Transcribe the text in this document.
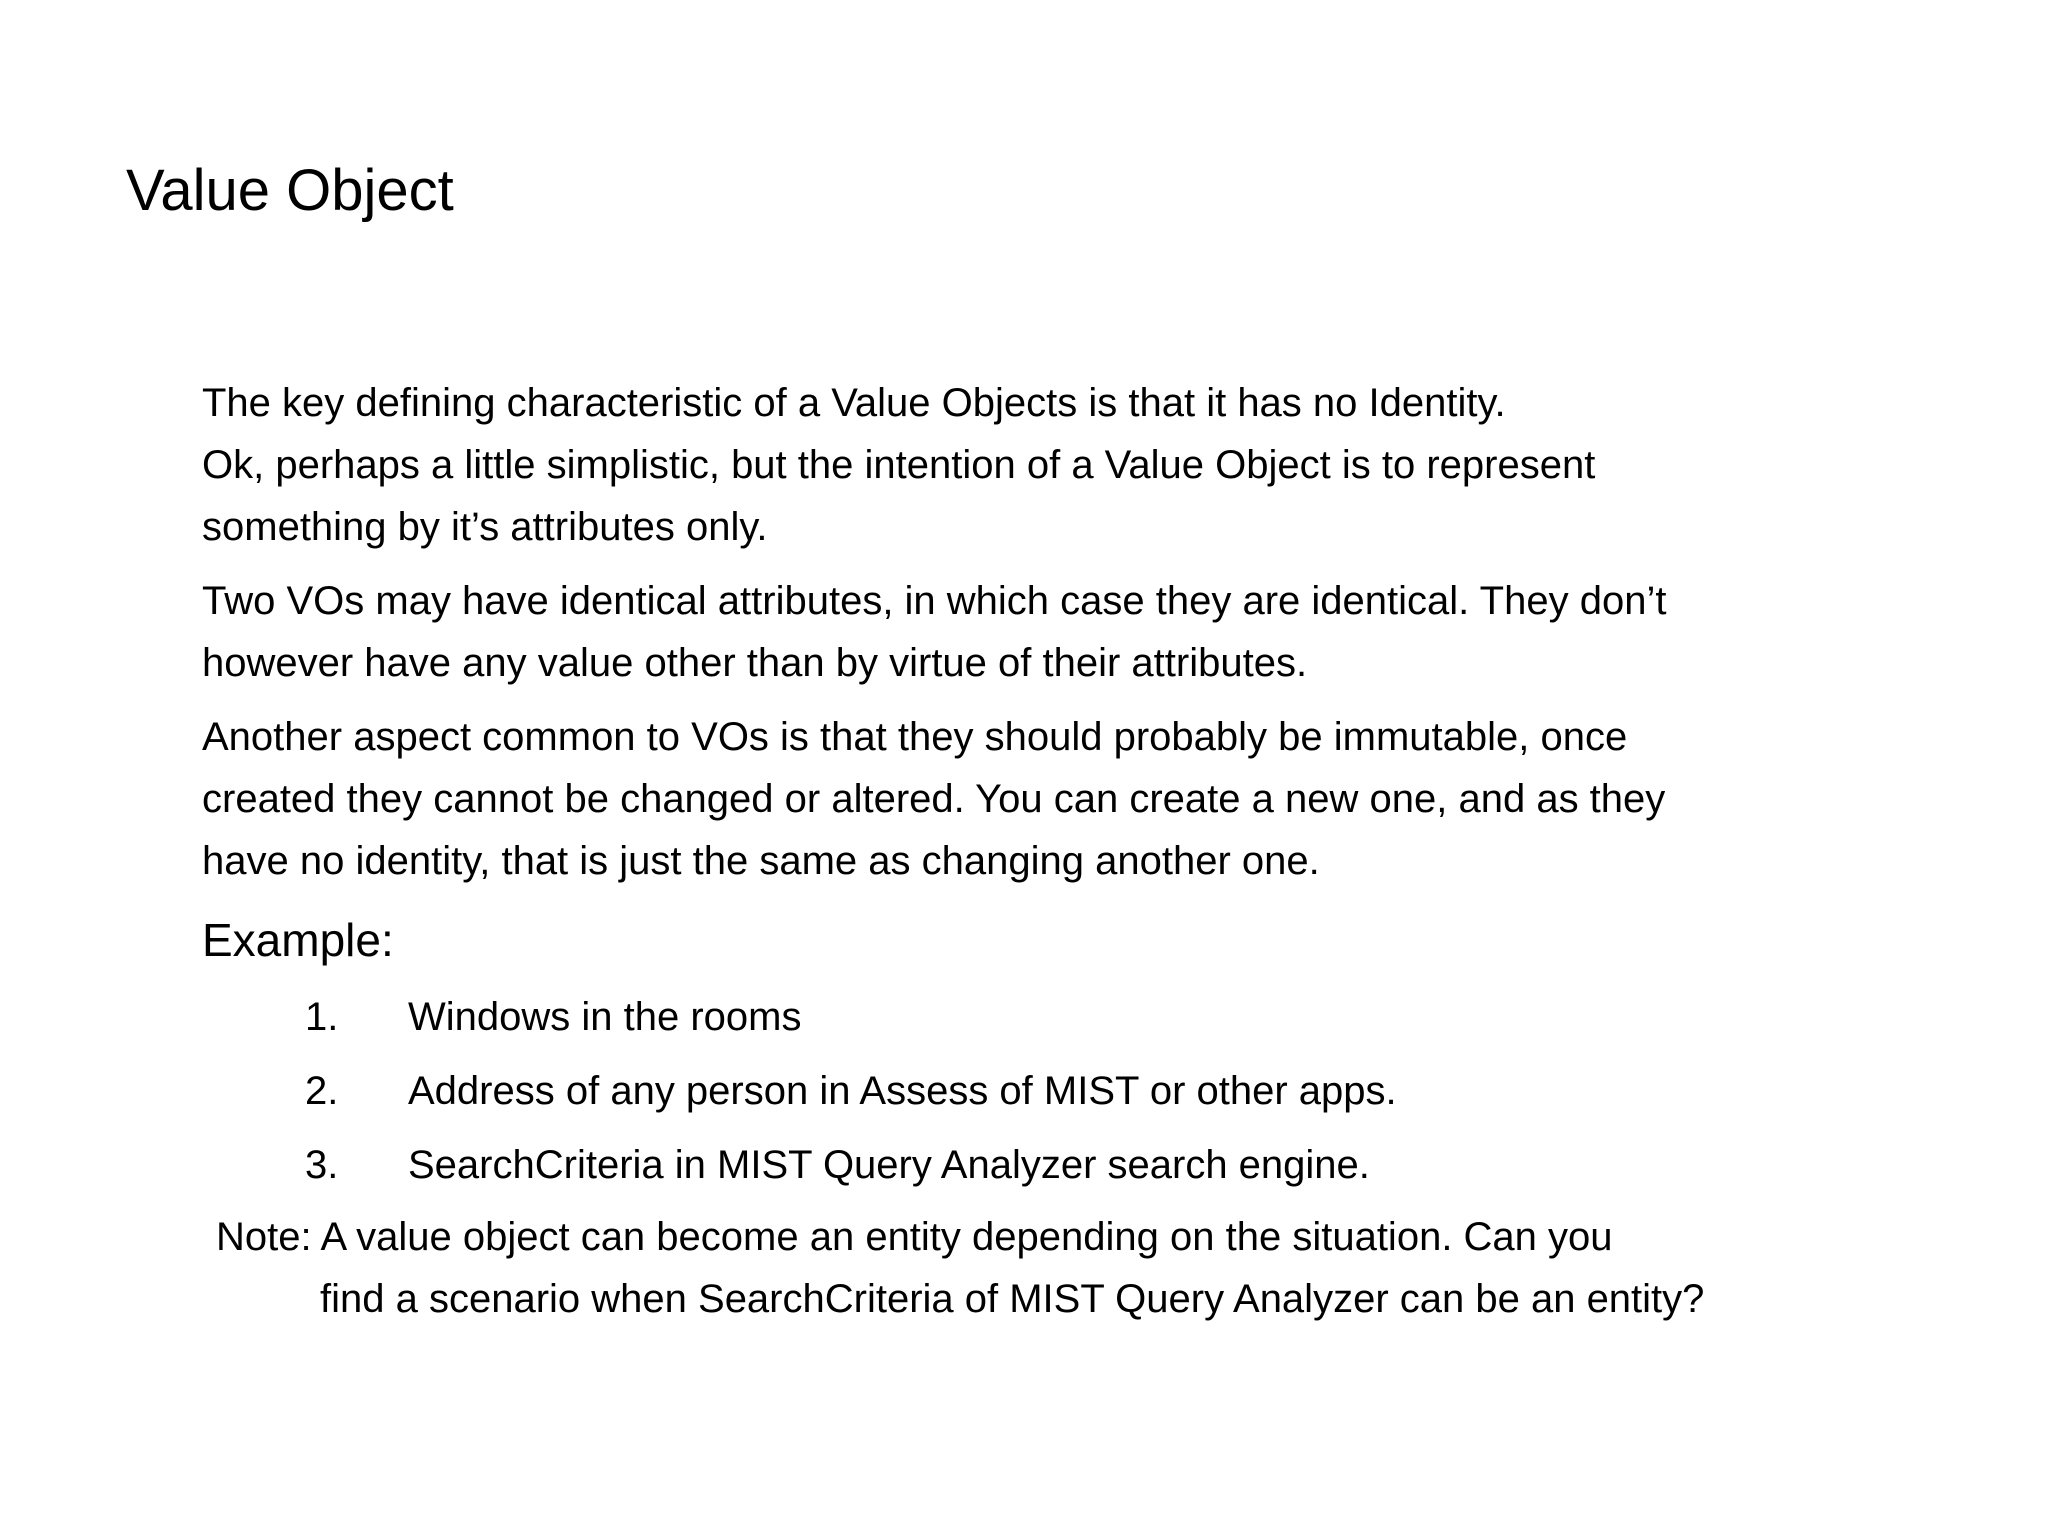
Value Object

The key defining characteristic of a Value Objects is that it has no Identity.
Ok, perhaps a little simplistic, but the intention of a Value Object is to represent
something by it’s attributes only.

Two VOs may have identical attributes, in which case they are identical. They don’t
however have any value other than by virtue of their attributes.

Another aspect common to VOs is that they should probably be immutable, once
created they cannot be changed or altered. You can create a new one, and as they
have no identity, that is just the same as changing another one.

Example:
1.	Windows in the rooms
2.	Address of any person in Assess of MIST or other apps.
3.	SearchCriteria in MIST Query Analyzer search engine.
Note: A value object can become an entity depending on the situation. Can you
find a scenario when SearchCriteria of MIST Query Analyzer can be an entity?
